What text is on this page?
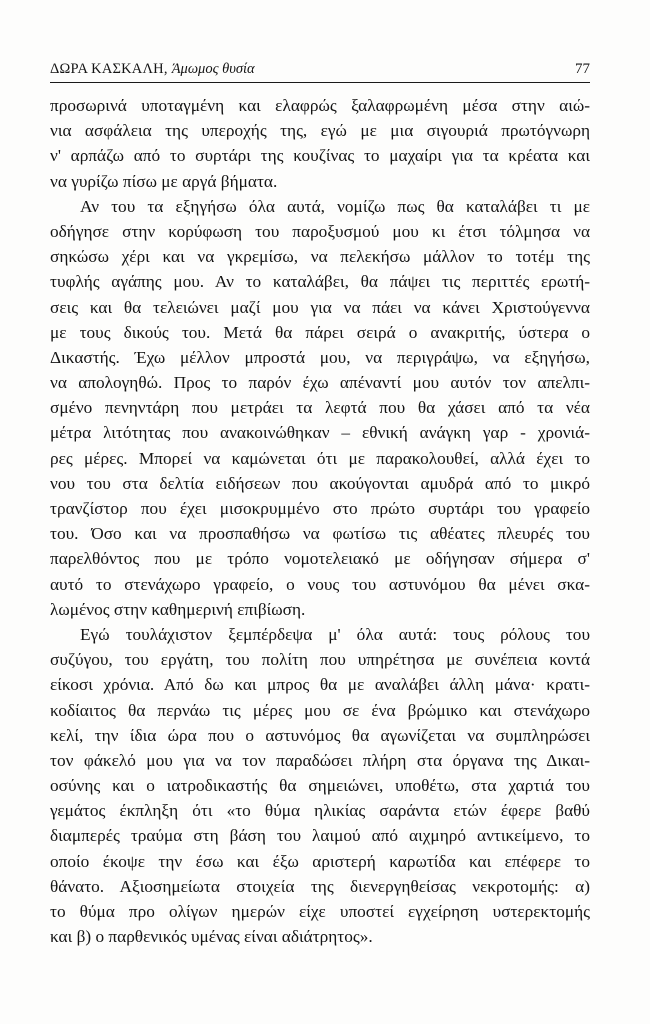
ΔΩΡΑ ΚΑΣΚΑΛΗ, Άμωμος θυσία	77
προσωρινά υποταγμένη και ελαφρώς ξαλαφρωμένη μέσα στην αιώ-
νια ασφάλεια της υπεροχής της, εγώ με μια σιγουριά πρωτόγνωρη
ν' αρπάζω από το συρτάρι της κουζίνας το μαχαίρι για τα κρέατα και
να γυρίζω πίσω με αργά βήματα.
Αν του τα εξηγήσω όλα αυτά, νομίζω πως θα καταλάβει τι με
οδήγησε στην κορύφωση του παροξυσμού μου κι έτσι τόλμησα να
σηκώσω χέρι και να γκρεμίσω, να πελεκήσω μάλλον το τοτέμ της
τυφλής αγάπης μου. Αν το καταλάβει, θα πάψει τις περιττές ερωτή-
σεις και θα τελειώνει μαζί μου για να πάει να κάνει Χριστούγεννα
με τους δικούς του. Μετά θα πάρει σειρά ο ανακριτής, ύστερα ο
Δικαστής. Έχω μέλλον μπροστά μου, να περιγράψω, να εξηγήσω,
να απολογηθώ. Προς το παρόν έχω απέναντί μου αυτόν τον απελπι-
σμένο πενηντάρη που μετράει τα λεφτά που θα χάσει από τα νέα
μέτρα λιτότητας που ανακοινώθηκαν – εθνική ανάγκη γαρ - χρονιά-
ρες μέρες. Μπορεί να καμώνεται ότι με παρακολουθεί, αλλά έχει το
νου του στα δελτία ειδήσεων που ακούγονται αμυδρά από το μικρό
τρανζίστορ που έχει μισοκρυμμένο στο πρώτο συρτάρι του γραφείο
του. Όσο και να προσπαθήσω να φωτίσω τις αθέατες πλευρές του
παρελθόντος που με τρόπο νομοτελειακό με οδήγησαν σήμερα σ'
αυτό το στενάχωρο γραφείο, ο νους του αστυνόμου θα μένει σκα-
λωμένος στην καθημερινή επιβίωση.
Εγώ τουλάχιστον ξεμπέρδεψα μ' όλα αυτά: τους ρόλους του
συζύγου, του εργάτη, του πολίτη που υπηρέτησα με συνέπεια κοντά
είκοσι χρόνια. Από δω και μπρος θα με αναλάβει άλλη μάνα· κρατι-
κοδίαιτος θα περνάω τις μέρες μου σε ένα βρώμικο και στενάχωρο
κελί, την ίδια ώρα που ο αστυνόμος θα αγωνίζεται να συμπληρώσει
τον φάκελό μου για να τον παραδώσει πλήρη στα όργανα της Δικαι-
οσύνης και ο ιατροδικαστής θα σημειώνει, υποθέτω, στα χαρτιά του
γεμάτος έκπληξη ότι «το θύμα ηλικίας σαράντα ετών έφερε βαθύ
διαμπερές τραύμα στη βάση του λαιμού από αιχμηρό αντικείμενο, το
οποίο έκοψε την έσω και έξω αριστερή καρωτίδα και επέφερε το
θάνατο. Αξιοσημείωτα στοιχεία της διενεργηθείσας νεκροτομής: α)
το θύμα προ ολίγων ημερών είχε υποστεί εγχείρηση υστερεκτομής
και β) ο παρθενικός υμένας είναι αδιάτρητος».
